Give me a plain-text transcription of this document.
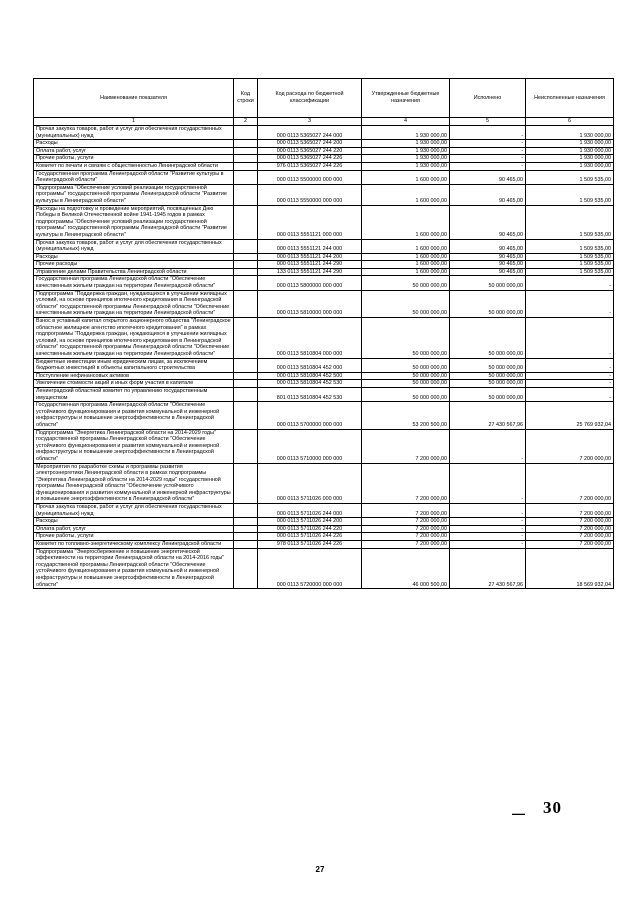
Наименование показателя	Код строки	Код расхода по бюджетной классификации	Утвержденные бюджетные назначения	Исполнено	Неисполненные назначения
1	2	3	4	5	6
Прочая закупка товаров, работ и услуг для обеспечения государственных (муниципальных) нужд		000 0113 5365027 244 000	1 930 000,00	-	1 930 000,00
Расходы		000 0113 5365027 244 200	1 930 000,00	-	1 930 000,00
Оплата работ, услуг		000 0113 5365027 244 220	1 930 000,00	-	1 930 000,00
Прочие работы, услуги		000 0113 5365027 244 226	1 930 000,00	-	1 930 000,00
Комитет по печати и связям с общественностью Ленинградской области		976 0113 5365027 244 226	1 930 000,00	-	1 930 000,00
Государственная программа Ленинградской области "Развитие культуры в Ленинградской области"		000 0113 5500000 000 000	1 600 000,00	90 465,00	1 509 535,00
Подпрограмма "Обеспечение условий реализации государственной программы" государственной программы Ленинградской области "Развитие культуры в Ленинградской области"		000 0113 5550000 000 000	1 600 000,00	90 465,00	1 509 535,00
Расходы на подготовку и проведение мероприятий, посвященных Дню Победы в Великой Отечественной войне 1941-1945 годов в рамках подпрограммы "Обеспечение условий реализации государственной программы" государственной программы Ленинградской области "Развитие культуры в Ленинградской области"		000 0113 5551121 000 000	1 600 000,00	90 465,00	1 509 535,00
Прочая закупка товаров, работ и услуг для обеспечения государственных (муниципальных) нужд		000 0113 5551121 244 000	1 600 000,00	90 465,00	1 509 535,00
Расходы		000 0113 5551121 244 200	1 600 000,00	90 465,00	1 509 535,00
Прочие расходы		000 0113 5551121 244 290	1 600 000,00	90 465,00	1 509 535,00
Управление делами Правительства Ленинградской области		133 0113 5551121 244 290	1 600 000,00	90 465,00	1 509 535,00
Государственная программа Ленинградской области "Обеспечение качественным жильем граждан на территории Ленинградской области"		000 0113 5800000 000 000	50 000 000,00	50 000 000,00	-
Подпрограмма "Поддержка граждан, нуждающихся в улучшении жилищных условий, на основе принципов ипотечного кредитования в Ленинградской области" государственной программы Ленинградской области "Обеспечение качественным жильем граждан на территории Ленинградской области"		000 0113 5810000 000 000	50 000 000,00	50 000 000,00	-
Взнос в уставный капитал открытого акционерного общества "Ленинградское областное жилищное агентство ипотечного кредитования" в рамках подпрограммы "Поддержка граждан, нуждающихся в улучшении жилищных условий, на основе принципов ипотечного кредитования в Ленинградской области" государственной программы Ленинградской области "Обеспечение качественным жильем граждан на территории Ленинградской области"		000 0113 5810804 000 000	50 000 000,00	50 000 000,00	-
Бюджетные инвестиции иным юридическим лицам, за исключением бюджетных инвестиций в объекты капитального строительства		000 0113 5810804 452 000	50 000 000,00	50 000 000,00	-
Поступление нефинансовых активов		000 0113 5810804 452 500	50 000 000,00	50 000 000,00	-
Увеличение стоимости акций и иных форм участия в капитале		000 0113 5810804 452 530	50 000 000,00	50 000 000,00	-
Ленинградский областной комитет по управлению государственным имуществом		801 0113 5810804 452 530	50 000 000,00	50 000 000,00	-
Государственная программа Ленинградской области "Обеспечение устойчивого функционирования и развития коммунальной и инженерной инфраструктуры и повышение энергоэффективности в Ленинградской области"		000 0113 5700000 000 000	53 200 500,00	27 430 567,96	25 769 932,04
Подпрограмма "Энергетика Ленинградской области на 2014-2029 годы" государственной программы Ленинградской области "Обеспечение устойчивого функционирования и развития коммунальной и инженерной инфраструктуры и повышение энергоэффективности в Ленинградской области"		000 0113 5710000 000 000	7 200 000,00	-	7 200 000,00
Мероприятия по разработке схемы и программы развития электроэнергетики Ленинградской области в рамках подпрограммы "Энергетика Ленинградской области на 2014-2029 годы" государственной программы Ленинградской области "Обеспечение устойчивого функционирования и развития коммунальной и инженерной инфраструктуры и повышение энергоэффективности в Ленинградской области"		000 0113 5711026 000 000	7 200 000,00	-	7 200 000,00
Прочая закупка товаров, работ и услуг для обеспечения государственных (муниципальных) нужд		000 0113 5711026 244 000	7 200 000,00	-	7 200 000,00
Расходы		000 0113 5711026 244 200	7 200 000,00	-	7 200 000,00
Оплата работ, услуг		000 0113 5711026 244 220	7 200 000,00	-	7 200 000,00
Прочие работы, услуги		000 0113 5711026 244 226	7 200 000,00	-	7 200 000,00
Комитет по топливно-энергетическому комплексу Ленинградской области		978 0113 5711026 244 226	7 200 000,00	-	7 200 000,00
Подпрограмма "Энергосбережение и повышение энергетической эффективности на территории Ленинградской области на 2014-2016 годы" государственной программы Ленинградской области "Обеспечение устойчивого функционирования и развития коммунальной и инженерной инфраструктуры и повышение энергоэффективности в Ленинградской области"		000 0113 5720000 000 000	46 000 500,00	27 430 567,96	18 569 932,04
— 30
27
